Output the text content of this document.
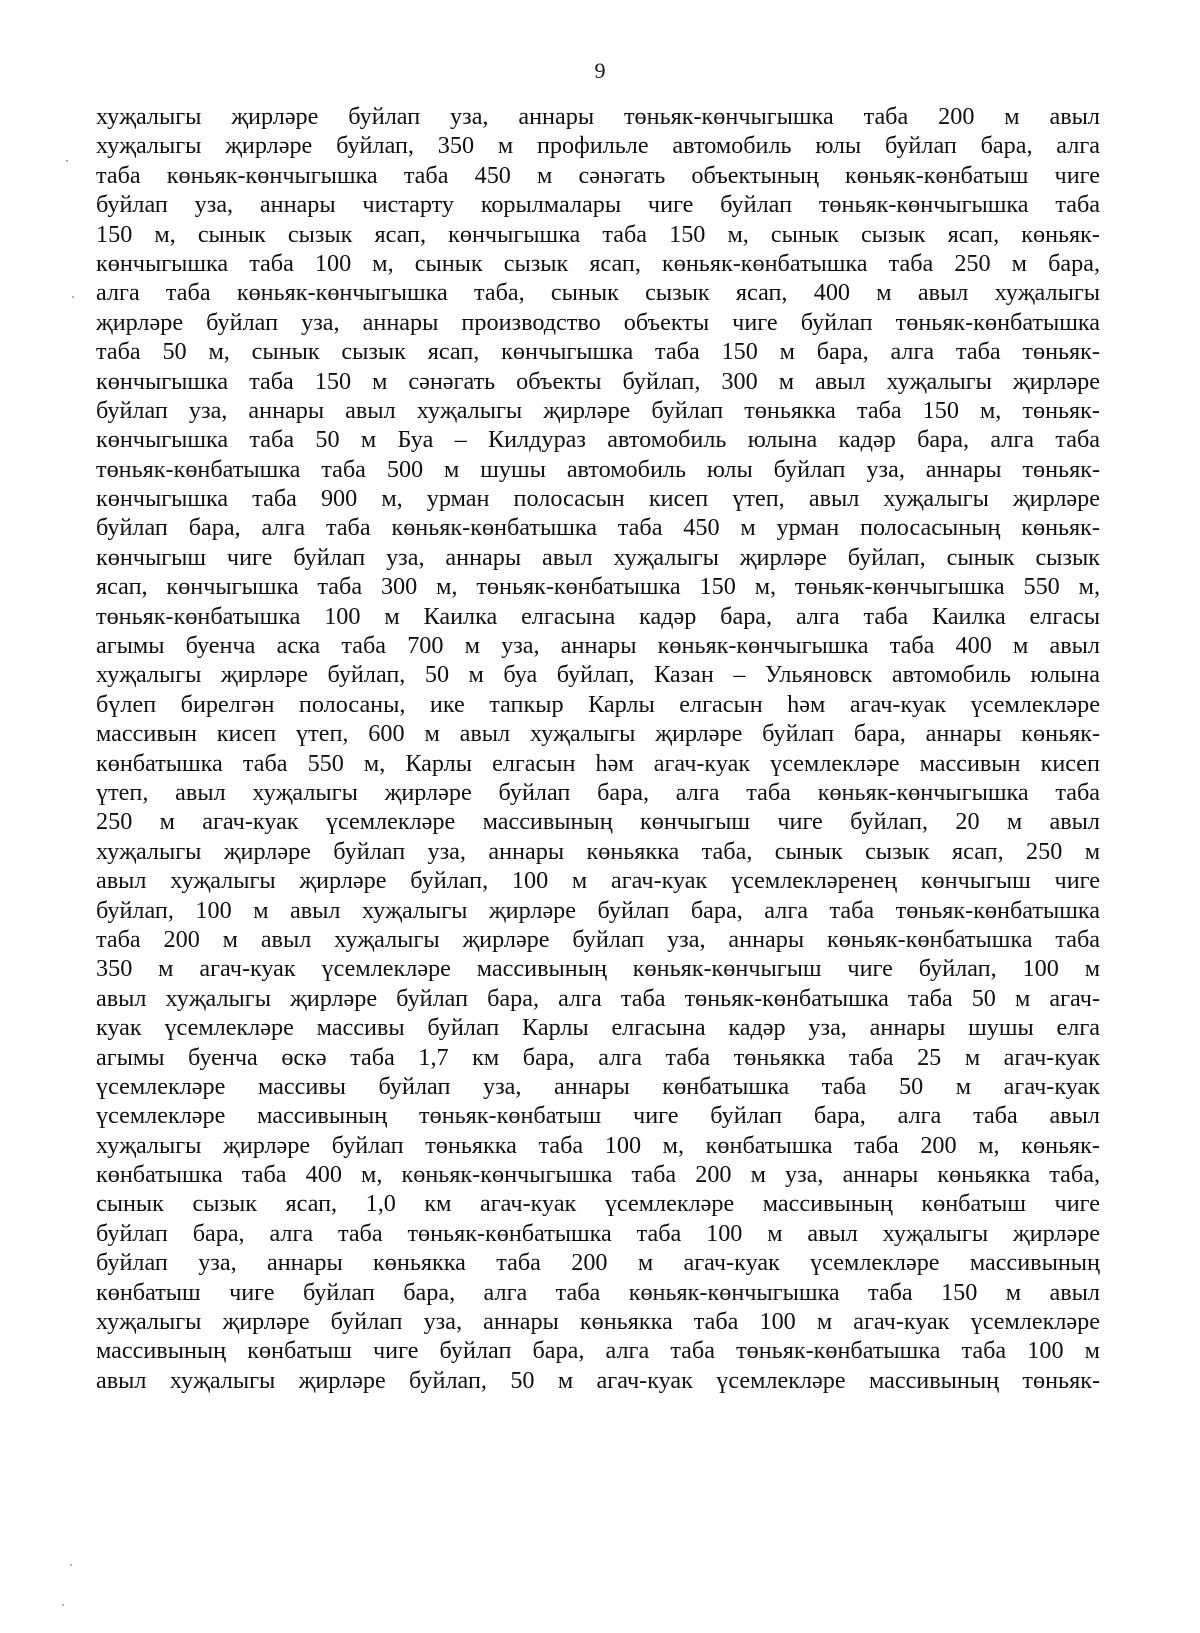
9
хуҗалыгы җирләре буйлап уза, аннары төньяк-көнчыгышка таба 200 м авыл
хуҗалыгы җирләре буйлап, 350 м профильле автомобиль юлы буйлап бара, алга
таба көньяк-көнчыгышка таба 450 м сәнәгать объектының көньяк-көнбатыш чиге
буйлап уза, аннары чистарту корылмалары чиге буйлап төньяк-көнчыгышка таба
150 м, сынык сызык ясап, көнчыгышка таба 150 м, сынык сызык ясап, көньяк-
көнчыгышка таба 100 м, сынык сызык ясап, көньяк-көнбатышка таба 250 м бара,
алга таба көньяк-көнчыгышка таба, сынык сызык ясап, 400 м авыл хуҗалыгы
җирләре буйлап уза, аннары производство объекты чиге буйлап төньяк-көнбатышка
таба 50 м, сынык сызык ясап, көнчыгышка таба 150 м бара, алга таба төньяк-
көнчыгышка таба 150 м сәнәгать объекты буйлап, 300 м авыл хуҗалыгы җирләре
буйлап уза, аннары авыл хуҗалыгы җирләре буйлап төньякка таба 150 м, төньяк-
көнчыгышка таба 50 м Буа – Килдураз автомобиль юлына кадәр бара, алга таба
төньяк-көнбатышка таба 500 м шушы автомобиль юлы буйлап уза, аннары төньяк-
көнчыгышка таба 900 м, урман полосасын кисеп үтеп, авыл хуҗалыгы җирләре
буйлап бара, алга таба көньяк-көнбатышка таба 450 м урман полосасының көньяк-
көнчыгыш чиге буйлап уза, аннары авыл хуҗалыгы җирләре буйлап, сынык сызык
ясап, көнчыгышка таба 300 м, төньяк-көнбатышка 150 м, төньяк-көнчыгышка 550 м,
төньяк-көнбатышка 100 м Каилка елгасына кадәр бара, алга таба Каилка елгасы
агымы буенча аска таба 700 м уза, аннары көньяк-көнчыгышка таба 400 м авыл
хуҗалыгы җирләре буйлап, 50 м буа буйлап, Казан – Ульяновск автомобиль юлына
бүлеп бирелгән полосаны, ике тапкыр Карлы елгасын һәм агач-куак үсемлекләре
массивын кисеп үтеп, 600 м авыл хуҗалыгы җирләре буйлап бара, аннары көньяк-
көнбатышка таба 550 м, Карлы елгасын һәм агач-куак үсемлекләре массивын кисеп
үтеп, авыл хуҗалыгы җирләре буйлап бара, алга таба көньяк-көнчыгышка таба
250 м агач-куак үсемлекләре массивының көнчыгыш чиге буйлап, 20 м авыл
хуҗалыгы җирләре буйлап уза, аннары көньякка таба, сынык сызык ясап, 250 м
авыл хуҗалыгы җирләре буйлап, 100 м агач-куак үсемлекләренең көнчыгыш чиге
буйлап, 100 м авыл хуҗалыгы җирләре буйлап бара, алга таба төньяк-көнбатышка
таба 200 м авыл хуҗалыгы җирләре буйлап уза, аннары көньяк-көнбатышка таба
350 м агач-куак үсемлекләре массивының көньяк-көнчыгыш чиге буйлап, 100 м
авыл хуҗалыгы җирләре буйлап бара, алга таба төньяк-көнбатышка таба 50 м агач-
куак үсемлекләре массивы буйлап Карлы елгасына кадәр уза, аннары шушы елга
агымы буенча өскә таба 1,7 км бара, алга таба төньякка таба 25 м агач-куак
үсемлекләре массивы буйлап уза, аннары көнбатышка таба 50 м агач-куак
үсемлекләре массивының төньяк-көнбатыш чиге буйлап бара, алга таба авыл
хуҗалыгы җирләре буйлап төньякка таба 100 м, көнбатышка таба 200 м, көньяк-
көнбатышка таба 400 м, көньяк-көнчыгышка таба 200 м уза, аннары көньякка таба,
сынык сызык ясап, 1,0 км агач-куак үсемлекләре массивының көнбатыш чиге
буйлап бара, алга таба төньяк-көнбатышка таба 100 м авыл хуҗалыгы җирләре
буйлап уза, аннары көньякка таба 200 м агач-куак үсемлекләре массивының
көнбатыш чиге буйлап бара, алга таба көньяк-көнчыгышка таба 150 м авыл
хуҗалыгы җирләре буйлап уза, аннары көньякка таба 100 м агач-куак үсемлекләре
массивының көнбатыш чиге буйлап бара, алга таба төньяк-көнбатышка таба 100 м
авыл хуҗалыгы җирләре буйлап, 50 м агач-куак үсемлекләре массивының төньяк-
